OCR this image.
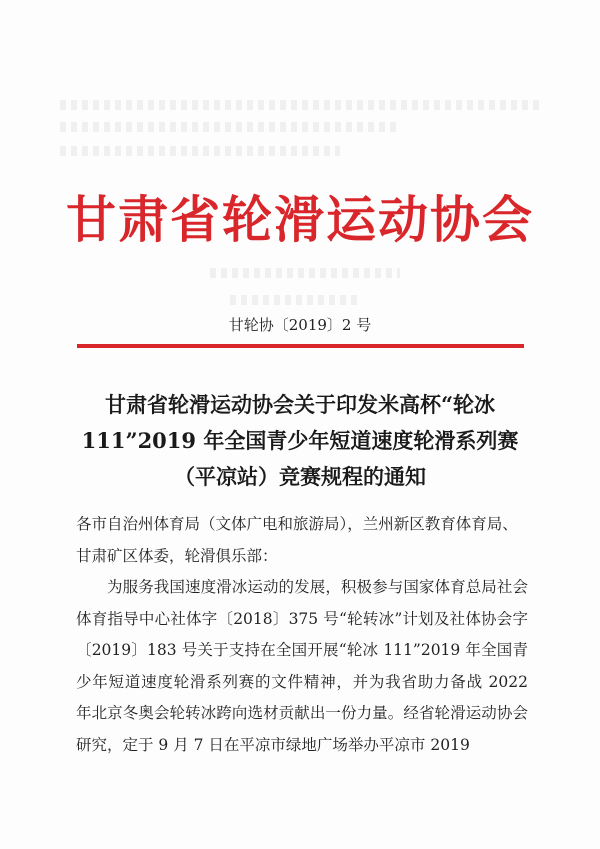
甘肃省轮滑运动协会
甘轮协〔2019〕2 号
甘肃省轮滑运动协会关于印发米高杯“轮冰
111”2019 年全国青少年短道速度轮滑系列赛
（平凉站）竞赛规程的通知

各市自治州体育局（文体广电和旅游局），兰州新区教育体育局、

甘肃矿区体委，轮滑俱乐部：

为服务我国速度滑冰运动的发展，积极参与国家体育总局社会体育指导中心社体字〔2018〕375 号“轮转冰”计划及社体协会字〔2019〕183 号关于支持在全国开展“轮冰 111”2019 年全国青少年短道速度轮滑系列赛的文件精神，并为我省助力备战 2022 年北京冬奥会轮转冰跨向选材贡献出一份力量。经省轮滑运动协会研究，定于 9 月 7 日在平凉市绿地广场举办平凉市 2019
